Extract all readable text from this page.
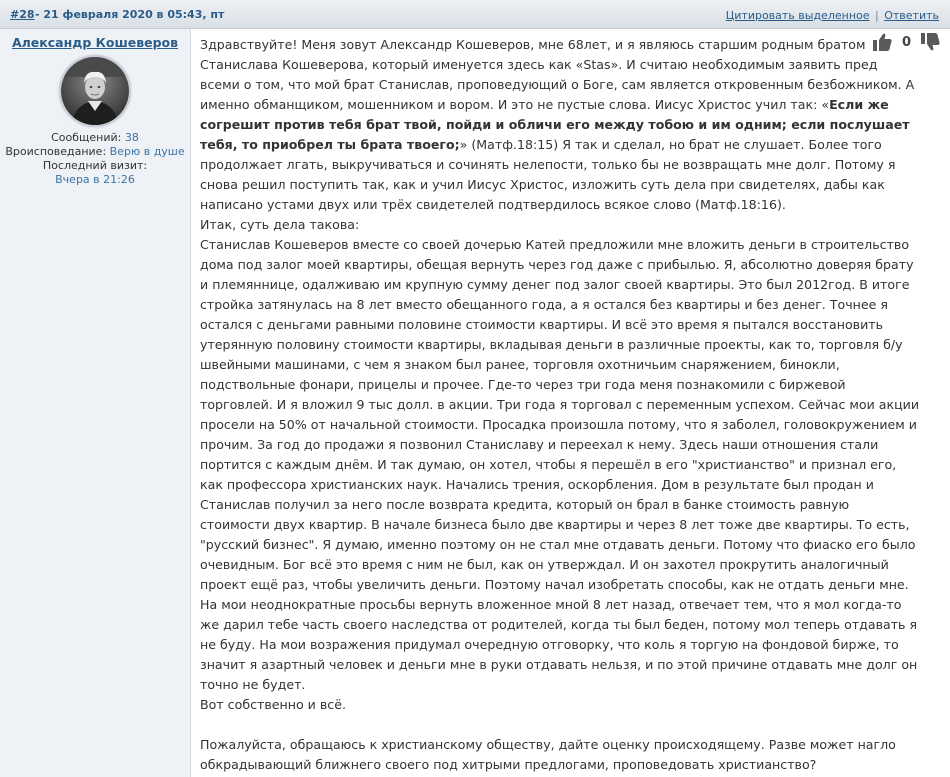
#28 - 21 февраля 2020 в 05:43, пт	Цитировать выделенное | Ответить
Александр Кошеверов
Сообщений: 38
Вроисповедание: Верю в душе
Последний визит:
Вчера в 21:26

Здравствуйте! Меня зовут Александр Кошеверов, мне 68лет, и я являюсь старшим родным братом Станислава Кошеверова, который именуется здесь как «Stas». И считаю необходимым заявить пред всеми о том, что мой брат Станислав, проповедующий о Боге, сам является откровенным безбожником. А именно обманщиком, мошенником и вором. И это не пустые слова. Иисус Христос учил так: «Если же согрешит против тебя брат твой, пойди и обличи его между тобою и им одним; если послушает тебя, то приобрел ты брата твоего;» (Матф.18:15) Я так и сделал, но брат не слушает. Более того продолжает лгать, выкручиваться и сочинять нелепости, только бы не возвращать мне долг. Потому я снова решил поступить так, как и учил Иисус Христос, изложить суть дела при свидетелях, дабы как написано устами двух или трёх свидетелей подтвердилось всякое слово (Матф.18:16).

Итак, суть дела такова:

Станислав Кошеверов вместе со своей дочерью Катей предложили мне вложить деньги в строительство дома под залог моей квартиры, обещая вернуть через год даже с прибылью. Я, абсолютно доверяя брату и племяннице, одалживаю им крупную сумму денег под залог своей квартиры. Это был 2012год. В итоге стройка затянулась на 8 лет вместо обещанного года, а я остался без квартиры и без денег. Точнее я остался с деньгами равными половине стоимости квартиры. И всё это время я пытался восстановить утерянную половину стоимости квартиры, вкладывая деньги в различные проекты, как то, торговля б/у швейными машинами, с чем я знаком был ранее, торговля охотничьим снаряжением, бинокли, подствольные фонари, прицелы и прочее. Где-то через три года меня познакомили с биржевой торговлей. И я вложил 9 тыс долл. в акции. Три года я торговал с переменным успехом. Сейчас мои акции просели на 50% от начальной стоимости. Просадка произошла потому, что я заболел, головокружением и прочим. За год до продажи я позвонил Станиславу и переехал к нему. Здесь наши отношения стали портится с каждым днём. И так думаю, он хотел, чтобы я перешёл в его "христианство" и признал его, как профессора христианских наук. Начались трения, оскорбления. Дом в результате был продан и Станислав получил за него после возврата кредита, который он брал в банке стоимость равную стоимости двух квартир. В начале бизнеса было две квартиры и через 8 лет тоже две квартиры. То есть, "русский бизнес". Я думаю, именно поэтому он не стал мне отдавать деньги. Потому что фиаско его было очевидным. Бог всё это время с ним не был, как он утверждал. И он захотел прокрутить аналогичный проект ещё раз, чтобы увеличить деньги. Поэтому начал изобретать способы, как не отдать деньги мне.

На мои неоднократные просьбы вернуть вложенное мной 8 лет назад, отвечает тем, что я мол когда-то же дарил тебе часть своего наследства от родителей, когда ты был беден, потому мол теперь отдавать я не буду. На мои возражения придумал очередную отговорку, что коль я торгую на фондовой бирже, то значит я азартный человек и деньги мне в руки отдавать нельзя, и по этой причине отдавать мне долг он точно не будет.

Вот собственно и всё.

Пожалуйста, обращаюсь к христианскому обществу, дайте оценку происходящему. Разве может нагло обкрадывающий ближнего своего под хитрыми предлогами, проповедовать христианство?

0
